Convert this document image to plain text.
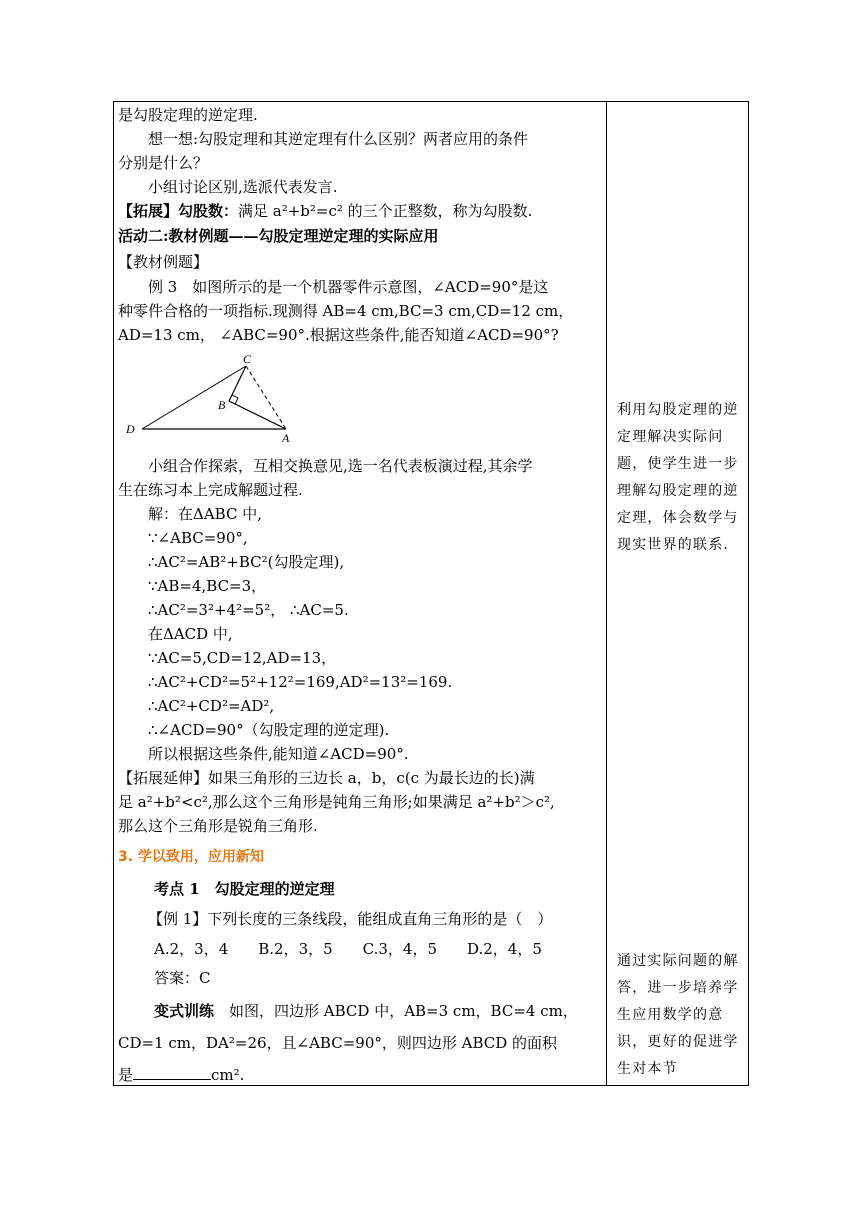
是勾股定理的逆定理.
想一想:勾股定理和其逆定理有什么区别？两者应用的条件
分别是什么？
小组讨论区别,选派代表发言.
【拓展】勾股数：满足 a²+b²=c² 的三个正整数，称为勾股数.
活动二:教材例题——勾股定理逆定理的实际应用
【教材例题】
例 3　如图所示的是一个机器零件示意图，∠ACD=90°是这
种零件合格的一项指标.现测得 AB=4 cm,BC=3 cm,CD=12 cm，
AD=13 cm， ∠ABC=90°.根据这些条件,能否知道∠ACD=90°?
C
B
D
A
小组合作探索，互相交换意见,选一名代表板演过程,其余学
生在练习本上完成解题过程.
解：在ΔABC 中,
∵∠ABC=90°,
∴AC²=AB²+BC²(勾股定理),
∵AB=4,BC=3，
∴AC²=3²+4²=5²， ∴AC=5.
在ΔACD 中,
∵AC=5,CD=12,AD=13，
∴AC²+CD²=5²+12²=169,AD²=13²=169.
∴AC²+CD²=AD²,
∴∠ACD=90°（勾股定理的逆定理).
所以根据这些条件,能知道∠ACD=90°.
【拓展延伸】如果三角形的三边长 a，b，c(c 为最长边的长)满
足 a²+b²<c²,那么这个三角形是钝角三角形;如果满足 a²+b²＞c²,
那么这个三角形是锐角三角形.
3. 学以致用，应用新知
考点 1　勾股定理的逆定理
【例 1】下列长度的三条线段，能组成直角三角形的是（　）
A.2，3，4　　B.2，3，5　　C.3，4，5　　D.2，4，5
答案：C
变式训练　如图，四边形 ABCD 中，AB=3 cm，BC=4 cm，
CD=1 cm，DA²=26，且∠ABC=90°，则四边形 ABCD 的面积
是	cm².
利用勾股定理的逆定理解决实际问题，使学生进一步理解勾股定理的逆定理，体会数学与现实世界的联系.
通过实际问题的解答，进一步培养学生应用数学的意识，更好的促进学生对本节
